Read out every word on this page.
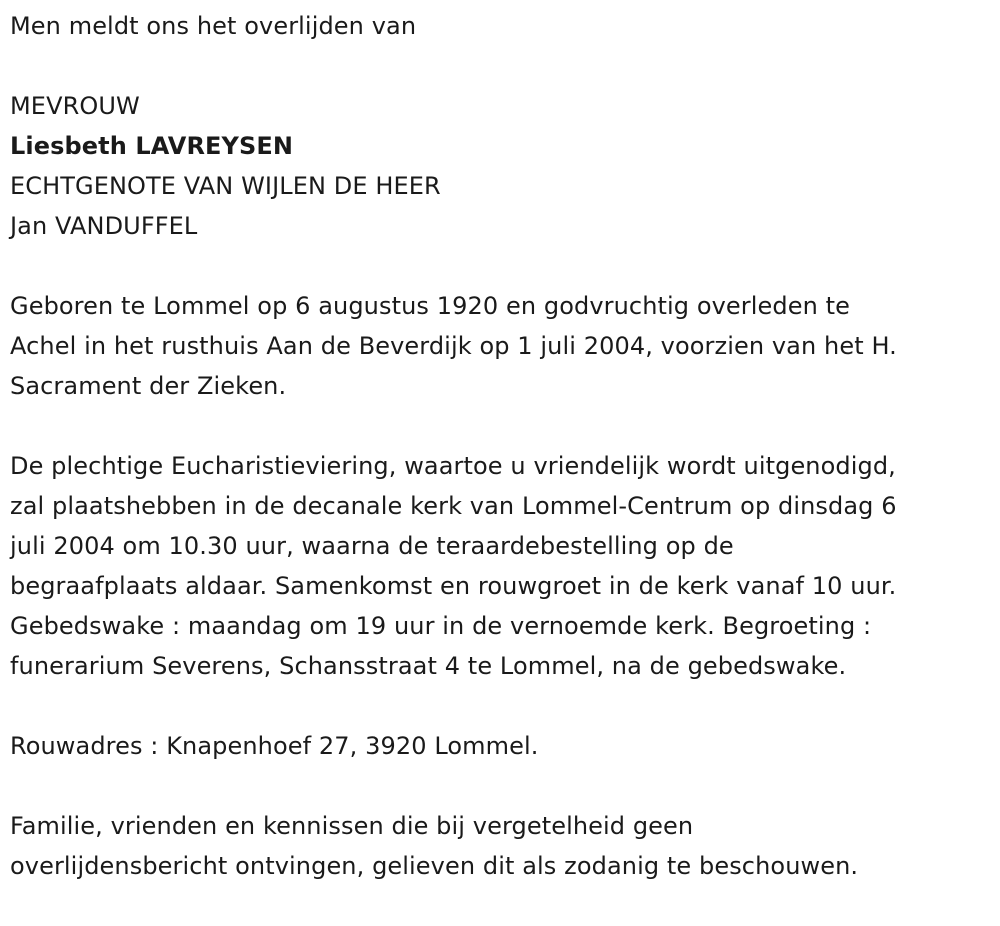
Men meldt ons het overlijden van
MEVROUW
Liesbeth LAVREYSEN
ECHTGENOTE VAN WIJLEN DE HEER
Jan VANDUFFEL
Geboren te Lommel op 6 augustus 1920 en godvruchtig overleden te
Achel in het rusthuis Aan de Beverdijk op 1 juli 2004, voorzien van het H.
Sacrament der Zieken.
De plechtige Eucharistieviering, waartoe u vriendelijk wordt uitgenodigd,
zal plaatshebben in de decanale kerk van Lommel-Centrum op dinsdag 6
juli 2004 om 10.30 uur, waarna de teraardebestelling op de
begraafplaats aldaar. Samenkomst en rouwgroet in de kerk vanaf 10 uur.
Gebedswake : maandag om 19 uur in de vernoemde kerk. Begroeting :
funerarium Severens, Schansstraat 4 te Lommel, na de gebedswake.
Rouwadres : Knapenhoef 27, 3920 Lommel.
Familie, vrienden en kennissen die bij vergetelheid geen
overlijdensbericht ontvingen, gelieven dit als zodanig te beschouwen.
